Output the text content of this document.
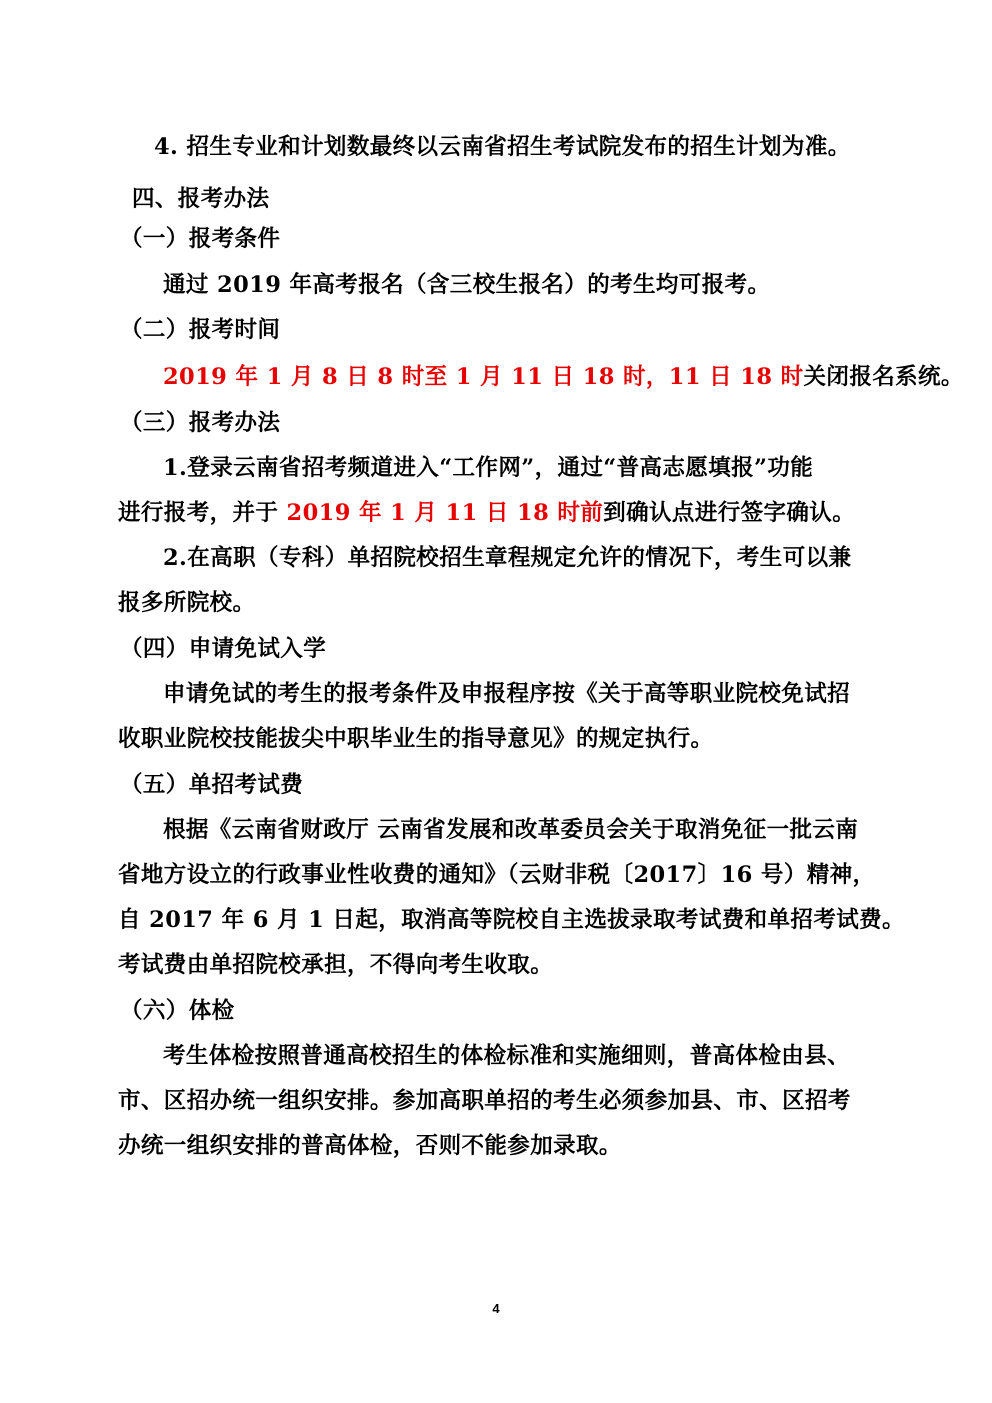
4. 招生专业和计划数最终以云南省招生考试院发布的招生计划为准。

四、报考办法

（一）报考条件

通过 2019 年高考报名（含三校生报名）的考生均可报考。

（二）报考时间

2019 年 1 月 8 日 8 时至 1 月 11 日 18 时，11 日 18 时关闭报名系统。

（三）报考办法

1.登录云南省招考频道进入“工作网”，通过“普高志愿填报”功能

进行报考，并于 2019 年 1 月 11 日 18 时前到确认点进行签字确认。

2.在高职（专科）单招院校招生章程规定允许的情况下，考生可以兼

报多所院校。

（四）申请免试入学

申请免试的考生的报考条件及申报程序按《关于高等职业院校免试招

收职业院校技能拔尖中职毕业生的指导意见》的规定执行。

（五）单招考试费

根据《云南省财政厅 云南省发展和改革委员会关于取消免征一批云南

省地方设立的行政事业性收费的通知》（云财非税〔2017〕16 号）精神，

自 2017 年 6 月 1 日起，取消高等院校自主选拔录取考试费和单招考试费。

考试费由单招院校承担，不得向考生收取。

（六）体检

考生体检按照普通高校招生的体检标准和实施细则，普高体检由县、

市、区招办统一组织安排。参加高职单招的考生必须参加县、市、区招考

办统一组织安排的普高体检，否则不能参加录取。

4
